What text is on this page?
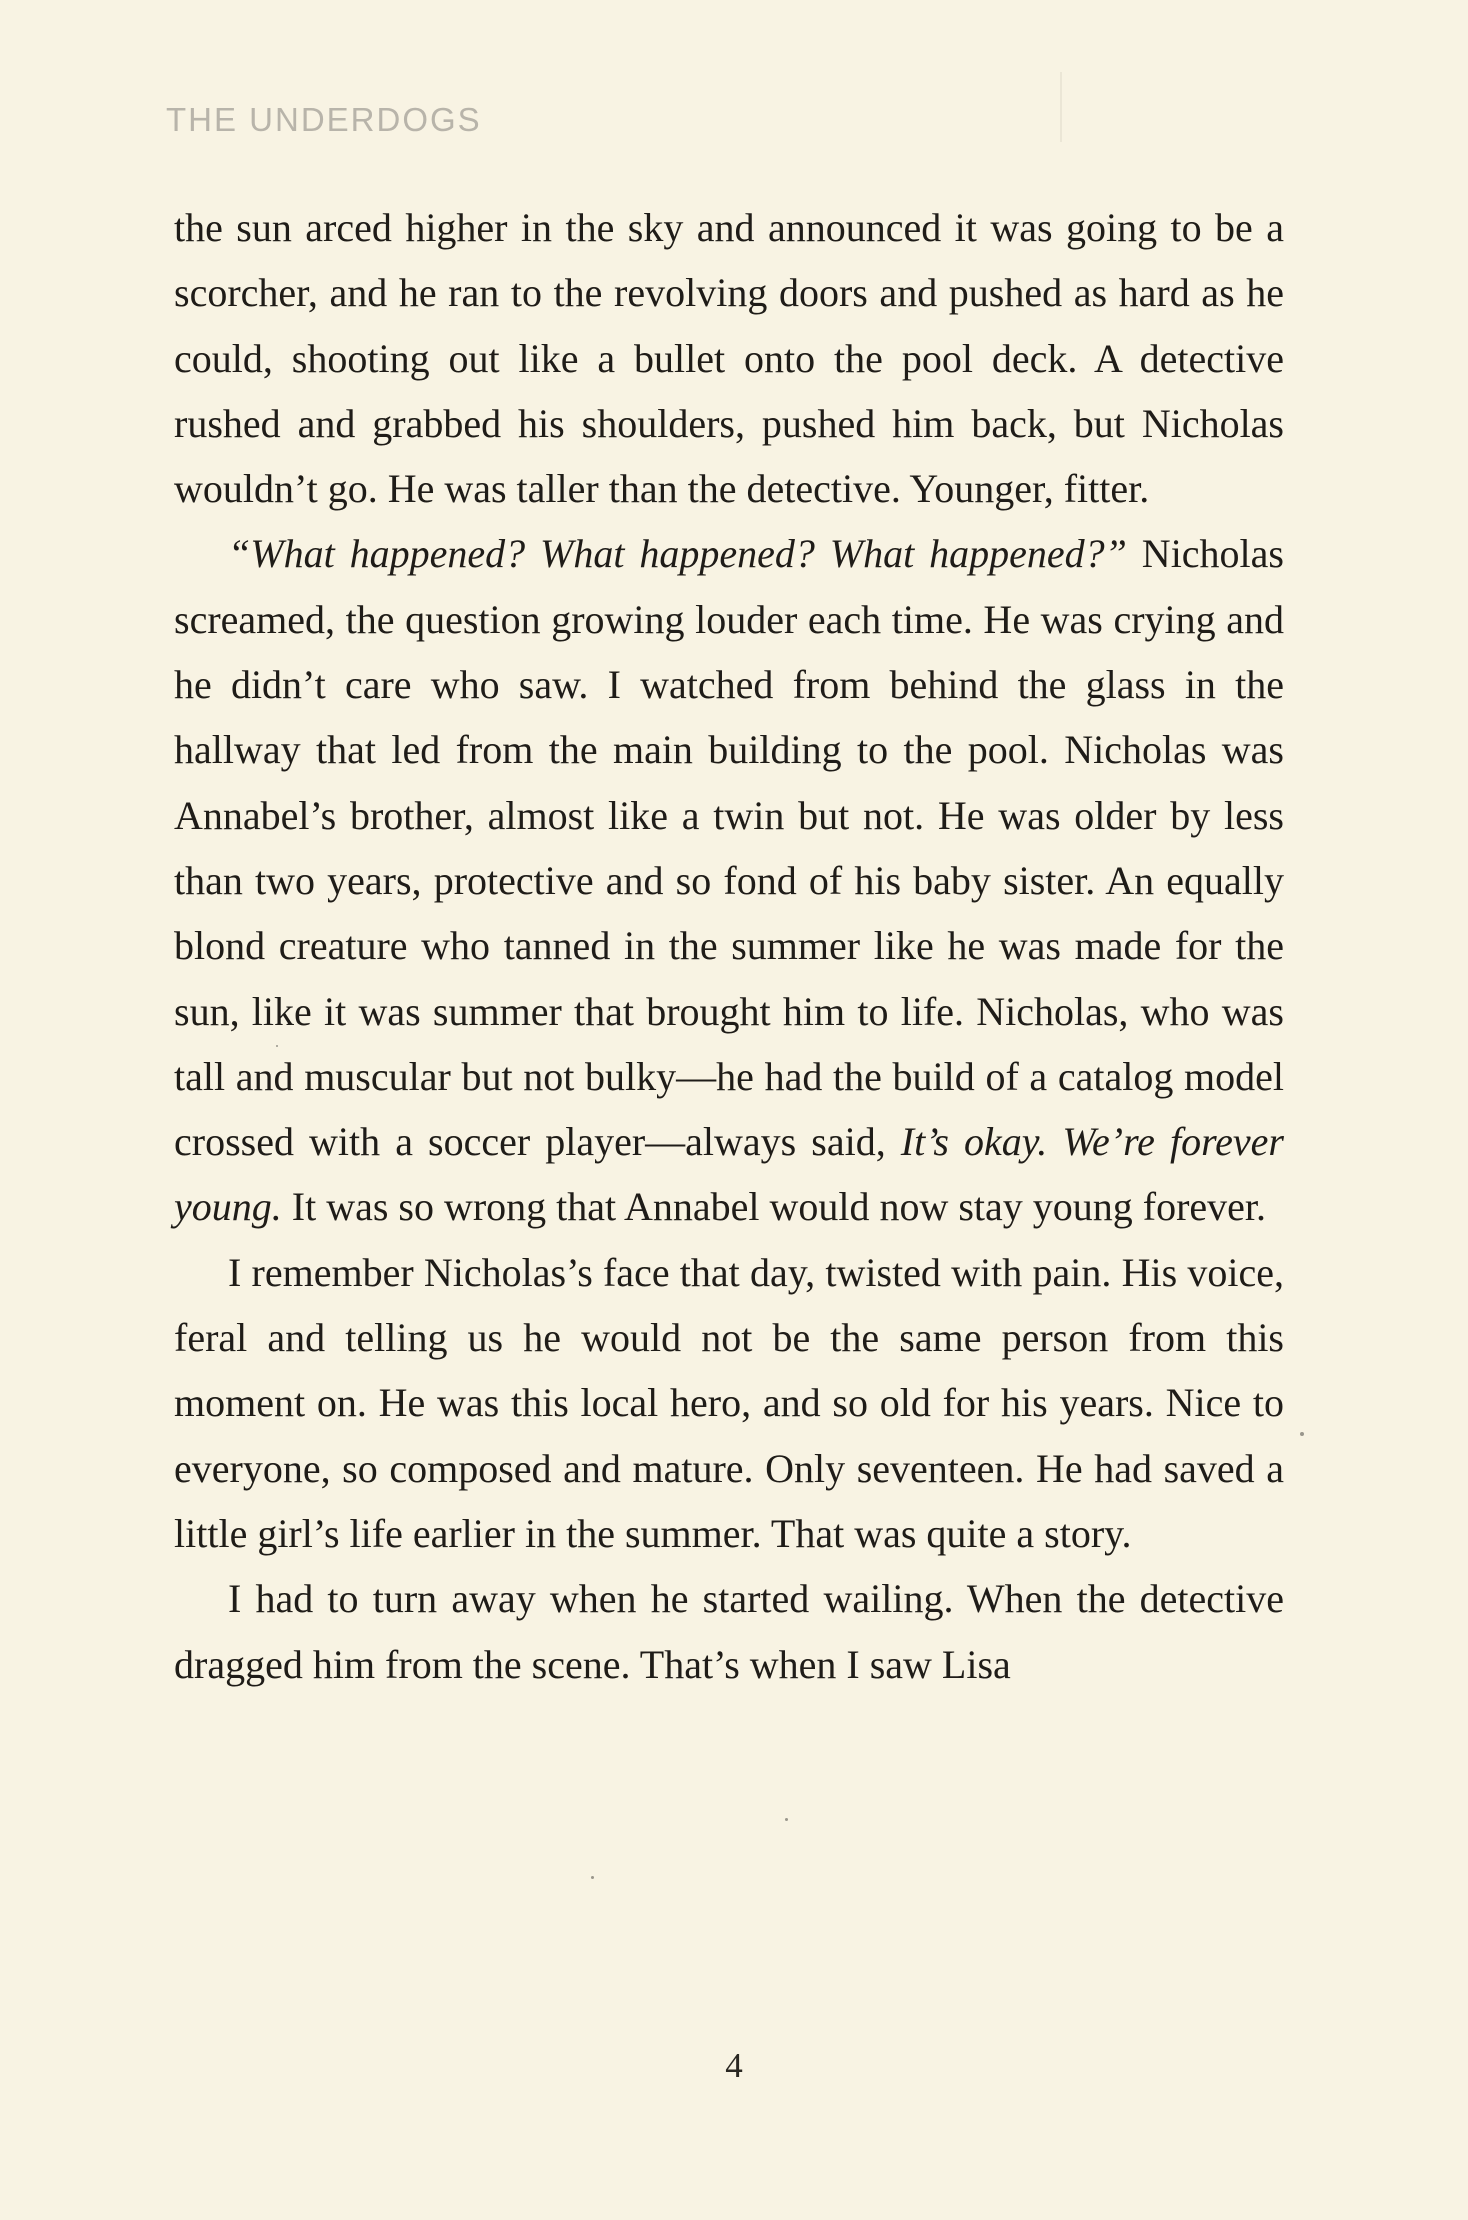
THE UNDERDOGS

the sun arced higher in the sky and announced it was going to be a scorcher, and he ran to the revolving doors and pushed as hard as he could, shooting out like a bullet onto the pool deck. A detective rushed and grabbed his shoulders, pushed him back, but Nicholas wouldn’t go. He was taller than the detective. Younger, fitter.

“What happened? What happened? What happened?” Nicholas screamed, the question growing louder each time. He was crying and he didn’t care who saw. I watched from behind the glass in the hallway that led from the main building to the pool. Nicholas was Annabel’s brother, almost like a twin but not. He was older by less than two years, protective and so fond of his baby sister. An equally blond creature who tanned in the summer like he was made for the sun, like it was summer that brought him to life. Nicholas, who was tall and muscular but not bulky—he had the build of a catalog model crossed with a soccer player—always said, It’s okay. We’re forever young. It was so wrong that Annabel would now stay young forever.

I remember Nicholas’s face that day, twisted with pain. His voice, feral and telling us he would not be the same person from this moment on. He was this local hero, and so old for his years. Nice to everyone, so composed and mature. Only seventeen. He had saved a little girl’s life earlier in the summer. That was quite a story.

I had to turn away when he started wailing. When the detective dragged him from the scene. That’s when I saw Lisa

4
